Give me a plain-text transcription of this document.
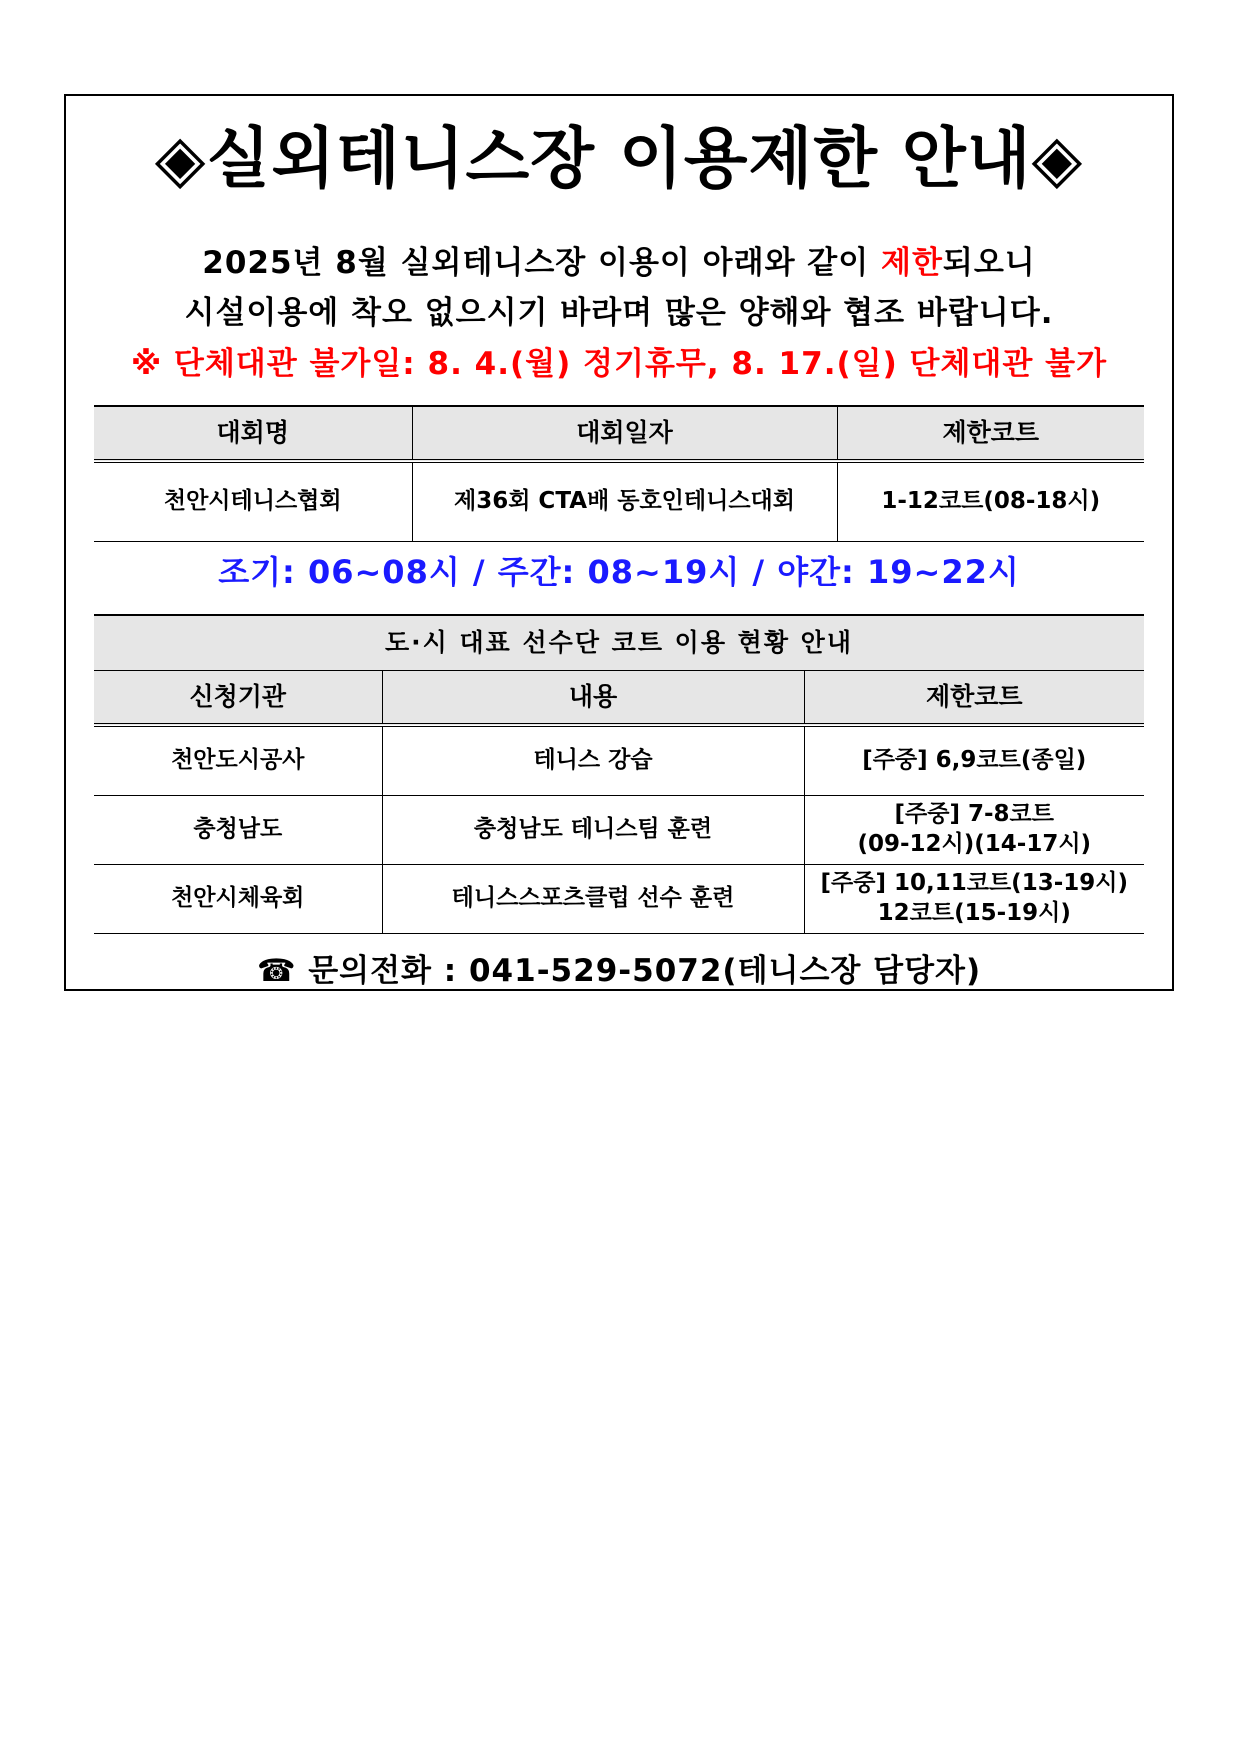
◈실외테니스장 이용제한 안내◈
2025년 8월 실외테니스장 이용이 아래와 같이 제한되오니
시설이용에 착오 없으시기 바라며 많은 양해와 협조 바랍니다.
※ 단체대관 불가일: 8. 4.(월) 정기휴무, 8. 17.(일) 단체대관 불가
대회명	대회일자	제한코트
천안시테니스협회	제36회 CTA배 동호인테니스대회	1-12코트(08-18시)
조기: 06~08시 / 주간: 08~19시 / 야간: 19~22시
도·시 대표 선수단 코트 이용 현황 안내		
신청기관	내용	제한코트
천안도시공사	테니스 강습	[주중] 6,9코트(종일)

충청남도	충청남도 테니스팀 훈련	[주중] 7-8코트
(09-12시)(14-17시)

천안시체육회	테니스스포츠클럽 선수 훈련	[주중] 10,11코트(13-19시)
12코트(15-19시)
☎ 문의전화 : 041-529-5072(테니스장 담당자)
